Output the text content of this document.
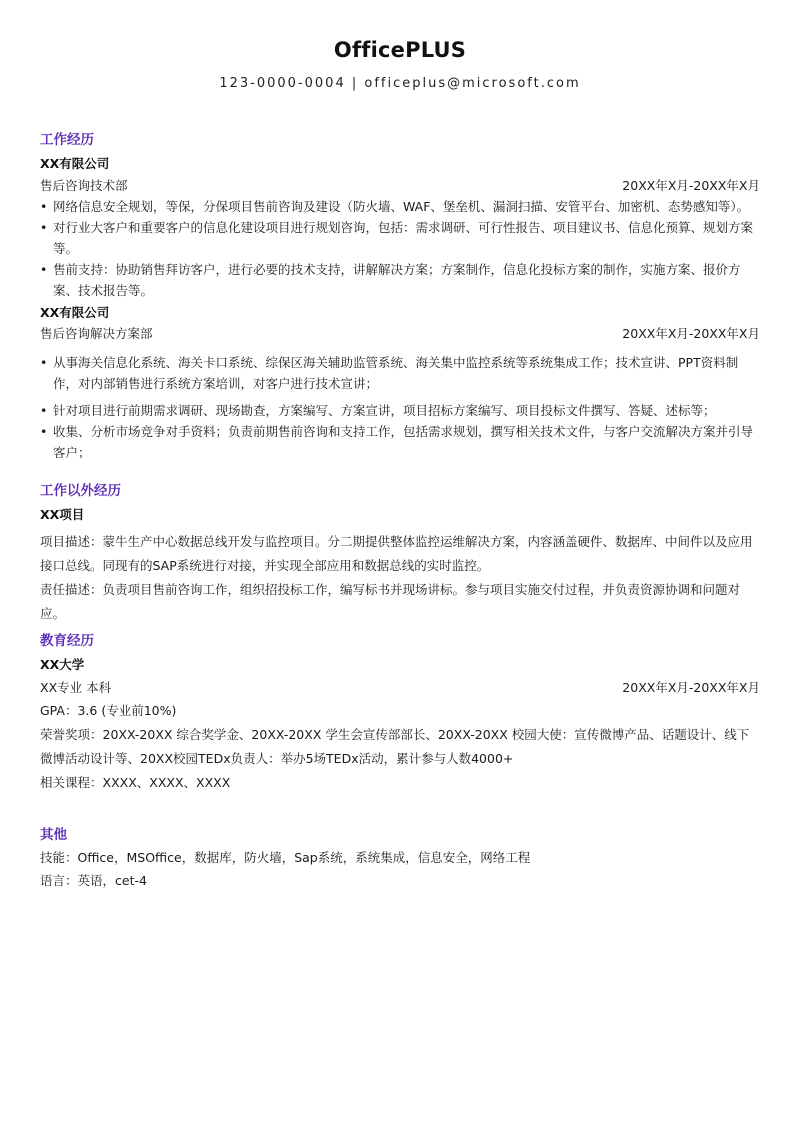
OfficePLUS
123-0000-0004 | officeplus@microsoft.com
工作经历
XX有限公司
售后咨询技术部	20XX年X月-20XX年X月
• 网络信息安全规划，等保，分保项目售前咨询及建设（防火墙、WAF、堡垒机、漏洞扫描、安管平台、加密机、态势感知等）。
• 对行业大客户和重要客户的信息化建设项目进行规划咨询，包括：需求调研、可行性报告、项目建议书、信息化预算、规划方案等。
• 售前支持：协助销售拜访客户，进行必要的技术支持，讲解解决方案；方案制作，信息化投标方案的制作，实施方案、报价方案、技术报告等。
XX有限公司
售后咨询解决方案部	20XX年X月-20XX年X月
• 从事海关信息化系统、海关卡口系统、综保区海关辅助监管系统、海关集中监控系统等系统集成工作；技术宣讲、PPT资料制作，对内部销售进行系统方案培训，对客户进行技术宣讲；
• 针对项目进行前期需求调研、现场勘查，方案编写、方案宣讲，项目招标方案编写、项目投标文件撰写、答疑、述标等；
• 收集、分析市场竞争对手资料；负责前期售前咨询和支持工作，包括需求规划，撰写相关技术文件，与客户交流解决方案并引导客户；
工作以外经历
XX项目
项目描述：蒙牛生产中心数据总线开发与监控项目。分二期提供整体监控运维解决方案，内容涵盖硬件、数据库、中间件以及应用接口总线。同现有的SAP系统进行对接，并实现全部应用和数据总线的实时监控。
责任描述：负责项目售前咨询工作，组织招投标工作，编写标书并现场讲标。参与项目实施交付过程，并负责资源协调和问题对应。
教育经历
XX大学
XX专业 本科	20XX年X月-20XX年X月
GPA：3.6 (专业前10%)
荣誉奖项：20XX-20XX 综合奖学金、20XX-20XX 学生会宣传部部长、20XX-20XX 校园大使：宣传微博产品、话题设计、线下微博活动设计等、20XX校园TEDx负责人：举办5场TEDx活动，累计参与人数4000+
相关课程：XXXX、XXXX、XXXX
其他
技能：Office，MSOffice，数据库，防火墙，Sap系统，系统集成，信息安全，网络工程
语言：英语，cet-4
